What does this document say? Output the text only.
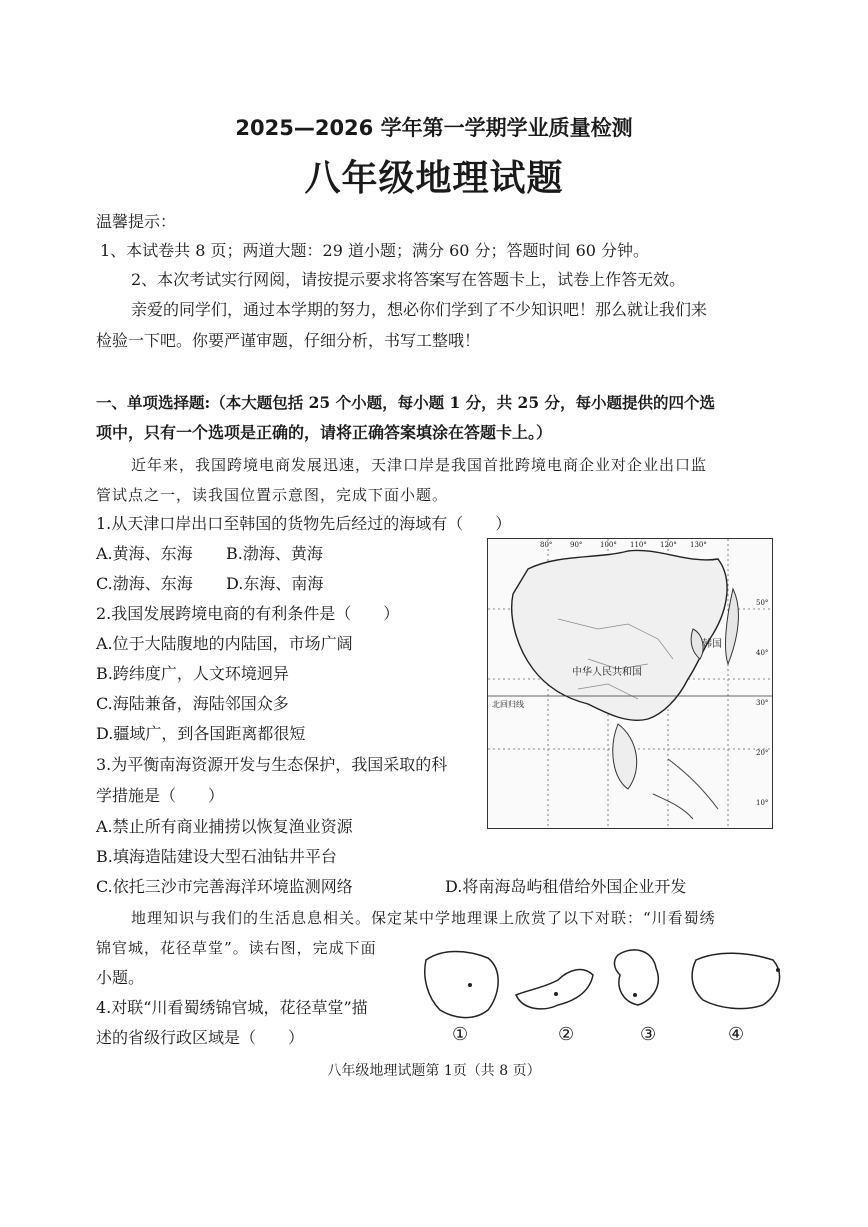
2025—2026 学年第一学期学业质量检测
八年级地理试题
温馨提示：
1、本试卷共 8 页；两道大题：29 道小题；满分 60 分；答题时间 60 分钟。
2、本次考试实行网阅，请按提示要求将答案写在答题卡上，试卷上作答无效。
亲爱的同学们，通过本学期的努力，想必你们学到了不少知识吧！那么就让我们来
检验一下吧。你要严谨审题，仔细分析，书写工整哦！
一、单项选择题:（本大题包括 25 个小题，每小题 1 分，共 25 分，每小题提供的四个选
项中，只有一个选项是正确的，请将正确答案填涂在答题卡上。）
近年来，我国跨境电商发展迅速，天津口岸是我国首批跨境电商企业对企业出口监
管试点之一，读我国位置示意图，完成下面小题。
1.从天津口岸出口至韩国的货物先后经过的海域有（　　）
A.黄海、东海 B.渤海、黄海
C.渤海、东海 D.东海、南海
2.我国发展跨境电商的有利条件是（　　）
A.位于大陆腹地的内陆国，市场广阔
B.跨纬度广，人文环境迥异
C.海陆兼备，海陆邻国众多
D.疆域广，到各国距离都很短
3.为平衡南海资源开发与生态保护，我国采取的科
学措施是（　　）
A.禁止所有商业捕捞以恢复渔业资源
B.填海造陆建设大型石油钻井平台
C.依托三沙市完善海洋环境监测网络	D.将南海岛屿租借给外国企业开发
地理知识与我们的生活息息相关。保定某中学地理课上欣赏了以下对联：“川看蜀绣
锦官城，花径草堂”。读右图，完成下面
小题。
4.对联“川看蜀绣锦官城，花径草堂”描
述的省级行政区域是（　　）
中华人民共和国
韩国
北回归线
80°	90°	100° 110° 120° 130°
50°
40°
30°
20°
10°
①	②	③	④
八年级地理试题第 1页（共 8 页）
